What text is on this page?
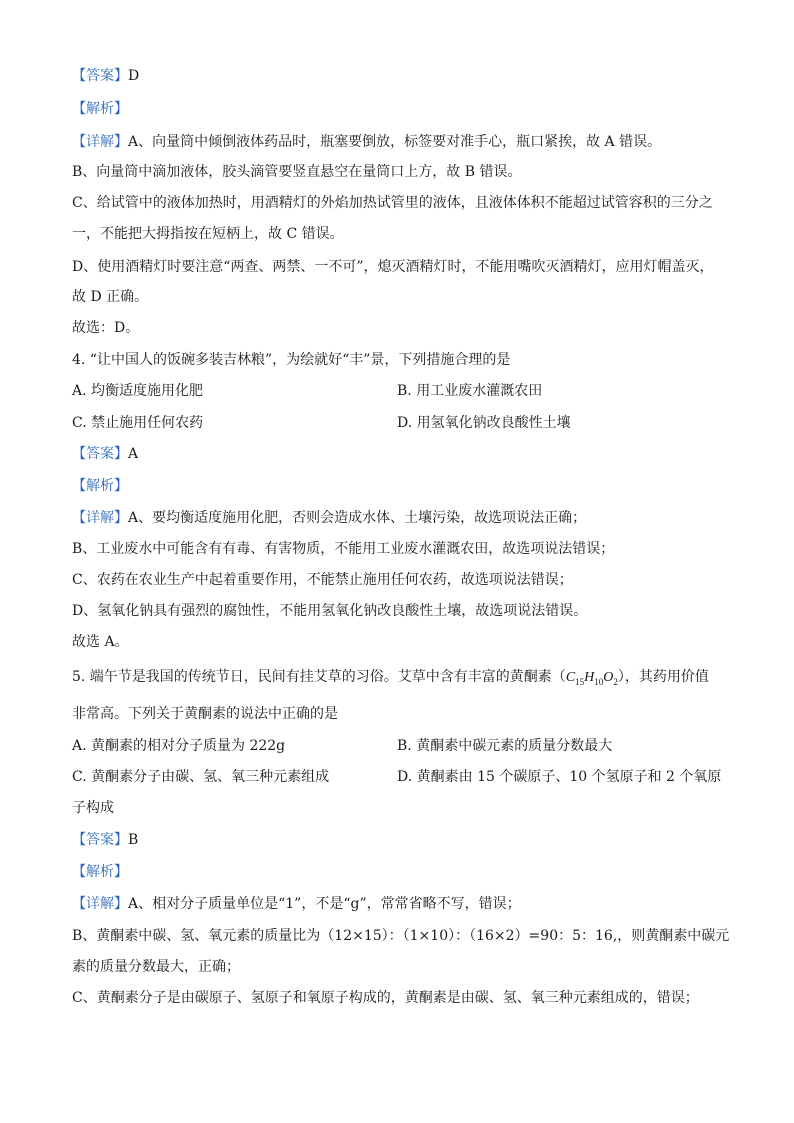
【答案】D
【解析】
【详解】A、向量筒中倾倒液体药品时，瓶塞要倒放，标签要对准手心，瓶口紧挨，故 A 错误。
B、向量筒中滴加液体，胶头滴管要竖直悬空在量筒口上方，故 B 错误。
C、给试管中的液体加热时，用酒精灯的外焰加热试管里的液体，且液体体积不能超过试管容积的三分之
一，不能把大拇指按在短柄上，故 C 错误。
D、使用酒精灯时要注意“两查、两禁、一不可”，熄灭酒精灯时，不能用嘴吹灭酒精灯，应用灯帽盖灭，
故 D 正确。
故选：D。
4. “让中国人的饭碗多装吉林粮”，为绘就好“丰”景，下列措施合理的是
A. 均衡适度施用化肥	B. 用工业废水灌溉农田
C. 禁止施用任何农药	D. 用氢氧化钠改良酸性土壤
【答案】A
【解析】
【详解】A、要均衡适度施用化肥，否则会造成水体、土壤污染，故选项说法正确；
B、工业废水中可能含有有毒、有害物质，不能用工业废水灌溉农田，故选项说法错误；
C、农药在农业生产中起着重要作用，不能禁止施用任何农药，故选项说法错误；
D、氢氧化钠具有强烈的腐蚀性，不能用氢氧化钠改良酸性土壤，故选项说法错误。
故选 A。
5. 端午节是我国的传统节日，民间有挂艾草的习俗。艾草中含有丰富的黄酮素$(C_{15}H_{10}O_2)$，其药用价值
非常高。下列关于黄酮素的说法中正确的是
A. 黄酮素的相对分子质量为 222g	B. 黄酮素中碳元素的质量分数最大
C. 黄酮素分子由碳、氢、氧三种元素组成	D. 黄酮素由 15 个碳原子、10 个氢原子和 2 个氧原
子构成
【答案】B
【解析】
【详解】A、相对分子质量单位是“1”，不是“g”，常常省略不写，错误；
B、黄酮素中碳、氢、氧元素的质量比为（12×15）：（1×10）：（16×2）=90：5：16,，则黄酮素中碳元
素的质量分数最大，正确；
C、黄酮素分子是由碳原子、氢原子和氧原子构成的，黄酮素是由碳、氢、氧三种元素组成的，错误；
